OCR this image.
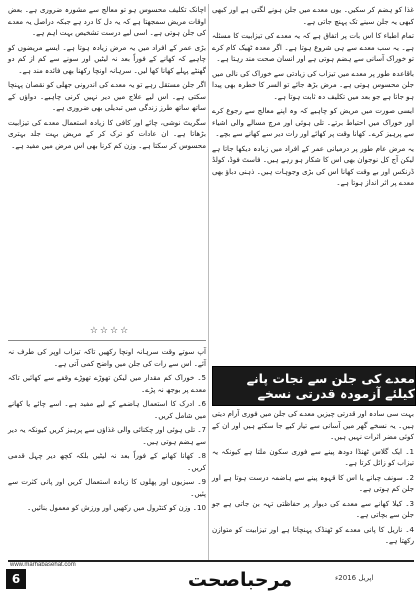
غذا کو ہضم کر سکیں۔ یوں معدے میں جلن ہونے لگتی ہے اور کبھی کبھی یہ جلن سینے تک پہنچ جاتی ہے۔

تمام اطباء کا اس بات پر اتفاق ہے کہ یہ معدے کی تیزابیت کا مسئلہ ہے۔ یہ سب معدے سے ہی شروع ہوتا ہے۔ اگر معدہ ٹھیک کام کرے تو خوراک آسانی سے ہضم ہوتی ہے اور انسان صحت مند رہتا ہے۔

باقاعدہ طور پر معدے میں تیزاب کی زیادتی سے خوراک کی نالی میں جلن محسوس ہوتی ہے۔ مرض بڑھ جائے تو السر کا خطرہ بھی پیدا ہو جاتا ہے جو بعد میں تکلیف دہ ثابت ہوتا ہے۔

ایسی صورت میں مریض کو چاہیے کہ وہ اپنے معالج سے رجوع کرے اور خوراک میں احتیاط برتے۔ تلی ہوئی اور مرچ مسالے والی اشیاء سے پرہیز کرے۔ کھانا وقت پر کھائے اور رات دیر سے کھانے سے بچے۔

یہ مرض عام طور پر درمیانی عمر کے افراد میں زیادہ دیکھا جاتا ہے لیکن آج کل نوجوان بھی اس کا شکار ہو رہے ہیں۔ فاسٹ فوڈ، کولڈ ڈرنکس اور بے وقت کھانا اس کی بڑی وجوہات ہیں۔ ذہنی دباؤ بھی معدے پر اثر انداز ہوتا ہے۔

اچانک تکلیف محسوس ہو تو معالج سے مشورہ ضروری ہے۔ بعض اوقات مریض سمجھتا ہے کہ یہ دل کا درد ہے جبکہ دراصل یہ معدے کی جلن ہوتی ہے۔ اسی لیے درست تشخیص بہت اہم ہے۔

بڑی عمر کے افراد میں یہ مرض زیادہ ہوتا ہے۔ ایسے مریضوں کو چاہیے کہ کھانے کے فوراً بعد نہ لیٹیں اور سونے سے کم از کم دو گھنٹے پہلے کھانا کھا لیں۔ سرہانہ اونچا رکھنا بھی فائدہ مند ہے۔

اگر جلن مستقل رہے تو یہ معدے کی اندرونی جھلی کو نقصان پہنچا سکتی ہے۔ اس لیے علاج میں دیر نہیں کرنی چاہیے۔ دواؤں کے ساتھ ساتھ طرز زندگی میں تبدیلی بھی ضروری ہے۔

سگریٹ نوشی، چائے اور کافی کا زیادہ استعمال معدے کی تیزابیت بڑھاتا ہے۔ ان عادات کو ترک کر کے مریض بہت جلد بہتری محسوس کر سکتا ہے۔ وزن کم کرنا بھی اس مرض میں مفید ہے۔

☆☆☆☆
معدے کی جلن سے نجات پانے کیلئے آزمودہ قدرتی نسخے

بہت سی سادہ اور قدرتی چیزیں معدے کی جلن میں فوری آرام دیتی ہیں۔ یہ نسخے گھر میں آسانی سے تیار کیے جا سکتے ہیں اور ان کے کوئی مضر اثرات نہیں ہیں۔

1۔ ایک گلاس ٹھنڈا دودھ پینے سے فوری سکون ملتا ہے کیونکہ یہ تیزاب کو زائل کرتا ہے۔

2۔ سونف چبانے یا اس کا قہوہ پینے سے ہاضمہ درست ہوتا ہے اور جلن کم ہوتی ہے۔

3۔ کیلا کھانے سے معدے کی دیوار پر حفاظتی تہہ بن جاتی ہے جو جلن سے بچاتی ہے۔

4۔ ناریل کا پانی معدے کو ٹھنڈک پہنچاتا ہے اور تیزابیت کو متوازن رکھتا ہے۔

آپ سوتے وقت سرہانہ اونچا رکھیں تاکہ تیزاب اوپر کی طرف نہ آئے۔ اس سے رات کی جلن میں واضح کمی آتی ہے۔

5۔ خوراک کم مقدار میں لیکن تھوڑے تھوڑے وقفے سے کھائیں تاکہ معدے پر بوجھ نہ پڑے۔

6۔ ادرک کا استعمال ہاضمے کے لیے مفید ہے۔ اسے چائے یا کھانے میں شامل کریں۔

7۔ تلی ہوئی اور چکنائی والی غذاؤں سے پرہیز کریں کیونکہ یہ دیر سے ہضم ہوتی ہیں۔

8۔ کھانا کھانے کے فوراً بعد نہ لیٹیں بلکہ کچھ دیر چہل قدمی کریں۔

9۔ سبزیوں اور پھلوں کا زیادہ استعمال کریں اور پانی کثرت سے پئیں۔

10۔ وزن کو کنٹرول میں رکھیں اور ورزش کو معمول بنائیں۔

www.marhabasehat.com
6	مرحباصحت	اپریل 2016ء
